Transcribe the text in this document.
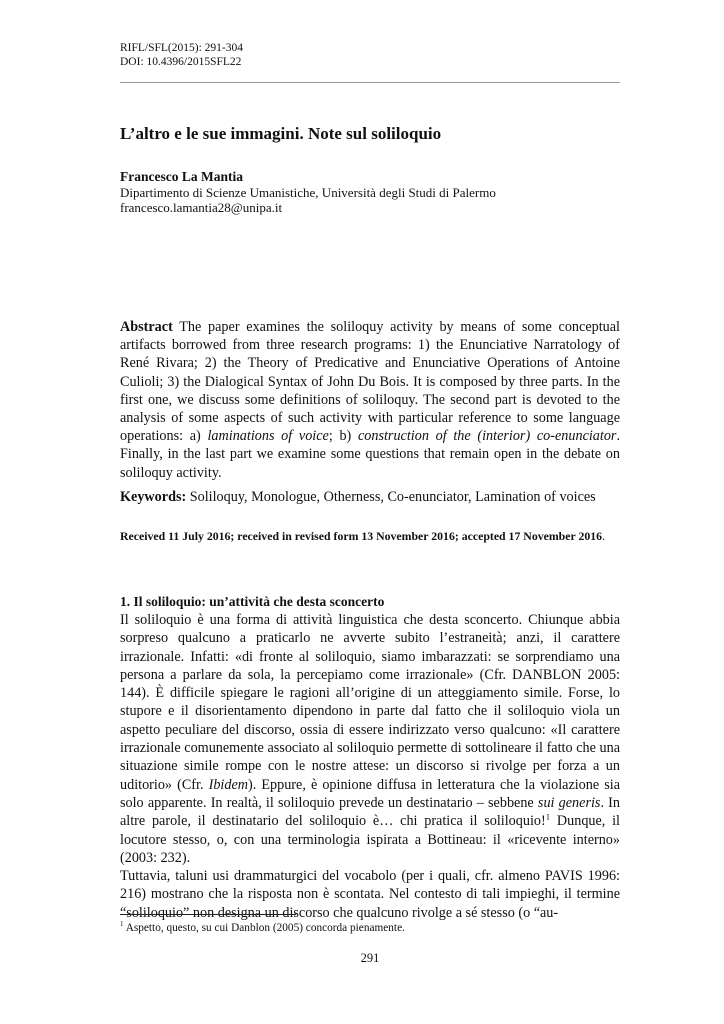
RIFL/SFL(2015): 291-304
DOI: 10.4396/2015SFL22
L’altro e le sue immagini. Note sul soliloquio
Francesco La Mantia
Dipartimento di Scienze Umanistiche, Università degli Studi di Palermo
francesco.lamantia28@unipa.it
Abstract The paper examines the soliloquy activity by means of some conceptual artifacts borrowed from three research programs: 1) the Enunciative Narratology of René Rivara; 2) the Theory of Predicative and Enunciative Operations of Antoine Culioli; 3) the Dialogical Syntax of John Du Bois. It is composed by three parts. In the first one, we discuss some definitions of soliloquy. The second part is devoted to the analysis of some aspects of such activity with particular reference to some language operations: a) laminations of voice; b) construction of the (interior) co-enunciator. Finally, in the last part we examine some questions that remain open in the debate on soliloquy activity.
Keywords: Soliloquy, Monologue, Otherness, Co-enunciator, Lamination of voices
Received 11 July 2016; received in revised form 13 November 2016; accepted 17 November 2016.
1. Il soliloquio: un’attività che desta sconcerto

Il soliloquio è una forma di attività linguistica che desta sconcerto. Chiunque abbia sorpreso qualcuno a praticarlo ne avverte subito l’estraneità; anzi, il carattere irrazionale. Infatti: «di fronte al soliloquio, siamo imbarazzati: se sorprendiamo una persona a parlare da sola, la percepiamo come irrazionale» (Cfr. DANBLON 2005: 144). È difficile spiegare le ragioni all’origine di un atteggiamento simile. Forse, lo stupore e il disorientamento dipendono in parte dal fatto che il soliloquio viola un aspetto peculiare del discorso, ossia di essere indirizzato verso qualcuno: «Il carattere irrazionale comunemente associato al soliloquio permette di sottolineare il fatto che una situazione simile rompe con le nostre attese: un discorso si rivolge per forza a un uditorio» (Cfr. Ibidem). Eppure, è opinione diffusa in letteratura che la violazione sia solo apparente. In realtà, il soliloquio prevede un destinatario – sebbene sui generis. In altre parole, il destinatario del soliloquio è… chi pratica il soliloquio!$^1$ Dunque, il locutore stesso, o, con una terminologia ispirata a Bottineau: il «ricevente interno» (2003: 232).

Tuttavia, taluni usi drammaturgici del vocabolo (per i quali, cfr. almeno PAVIS 1996: 216) mostrano che la risposta non è scontata. Nel contesto di tali impieghi, il termine “soliloquio” non designa un discorso che qualcuno rivolge a sé stesso (o “au-

$^1$ Aspetto, questo, su cui Danblon (2005) concorda pienamente.
291
